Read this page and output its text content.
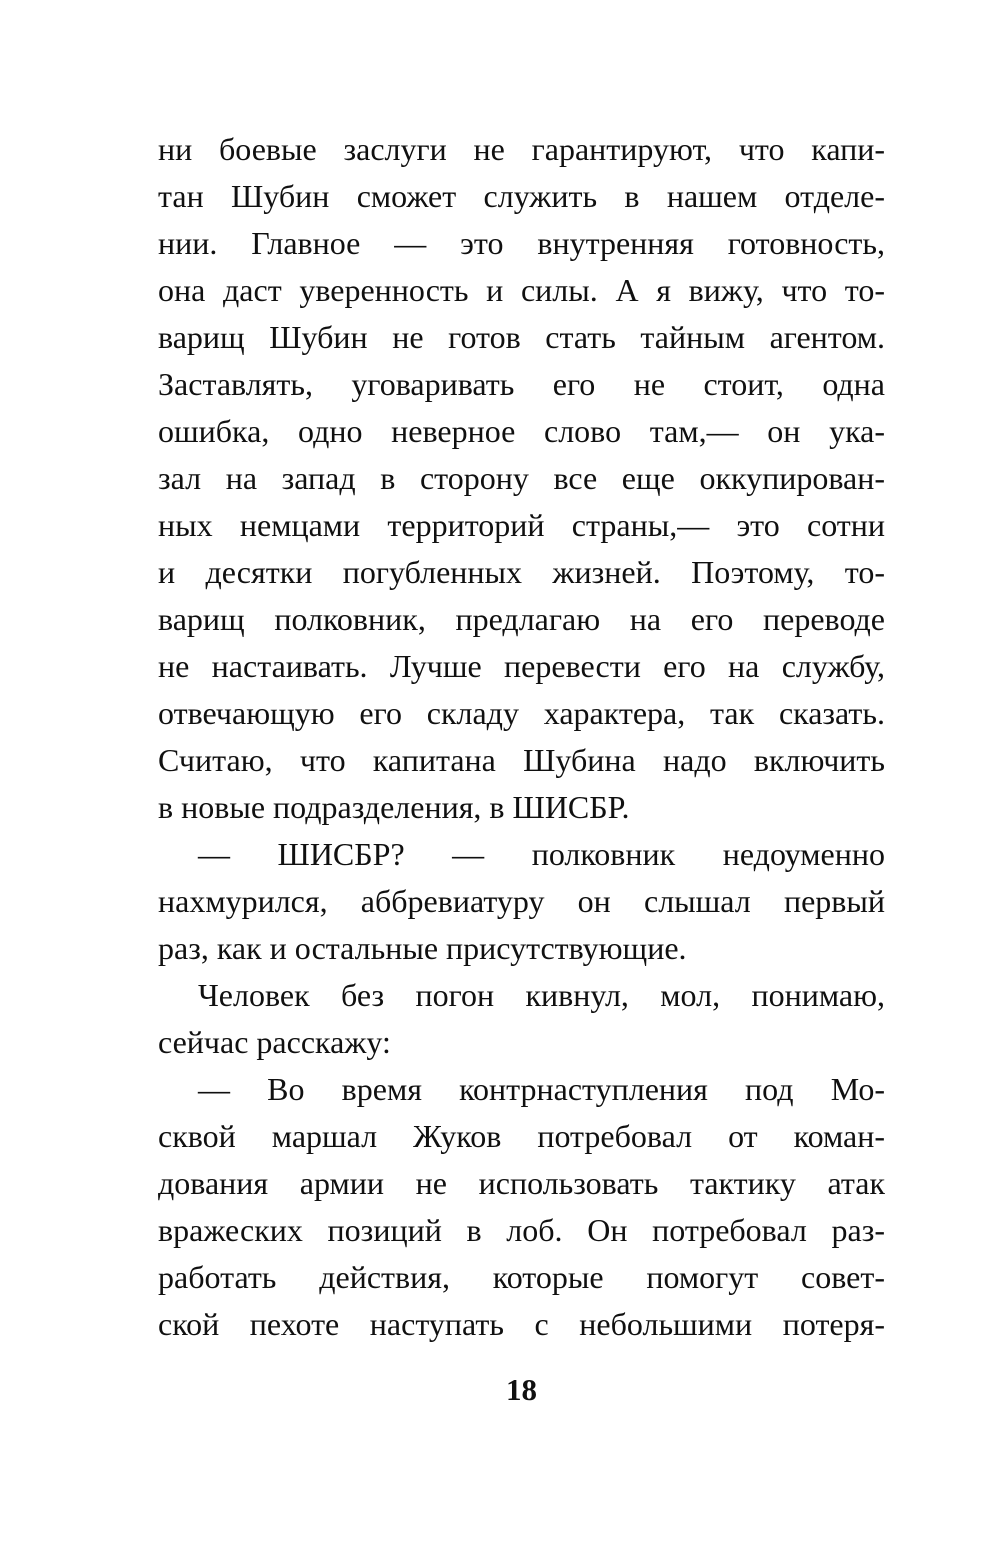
ни боевые заслуги не гарантируют, что капи-
тан Шубин сможет служить в нашем отделе-
нии. Главное — это внутренняя готовность,
она даст уверенность и силы. А я вижу, что то-
варищ Шубин не готов стать тайным агентом.
Заставлять, уговаривать его не стоит, одна
ошибка, одно неверное слово там,— он ука-
зал на запад в сторону все еще оккупирован-
ных немцами территорий страны,— это сотни
и десятки погубленных жизней. Поэтому, то-
варищ полковник, предлагаю на его переводе
не настаивать. Лучше перевести его на службу,
отвечающую его складу характера, так сказать.
Считаю, что капитана Шубина надо включить
в новые подразделения, в ШИСБР.
— ШИСБР? — полковник недоуменно
нахмурился, аббревиатуру он слышал первый
раз, как и остальные присутствующие.
Человек без погон кивнул, мол, понимаю,
сейчас расскажу:
— Во время контрнаступления под Мо-
сквой маршал Жуков потребовал от коман-
дования армии не использовать тактику атак
вражеских позиций в лоб. Он потребовал раз-
работать действия, которые помогут совет-
ской пехоте наступать с небольшими потеря-
18
